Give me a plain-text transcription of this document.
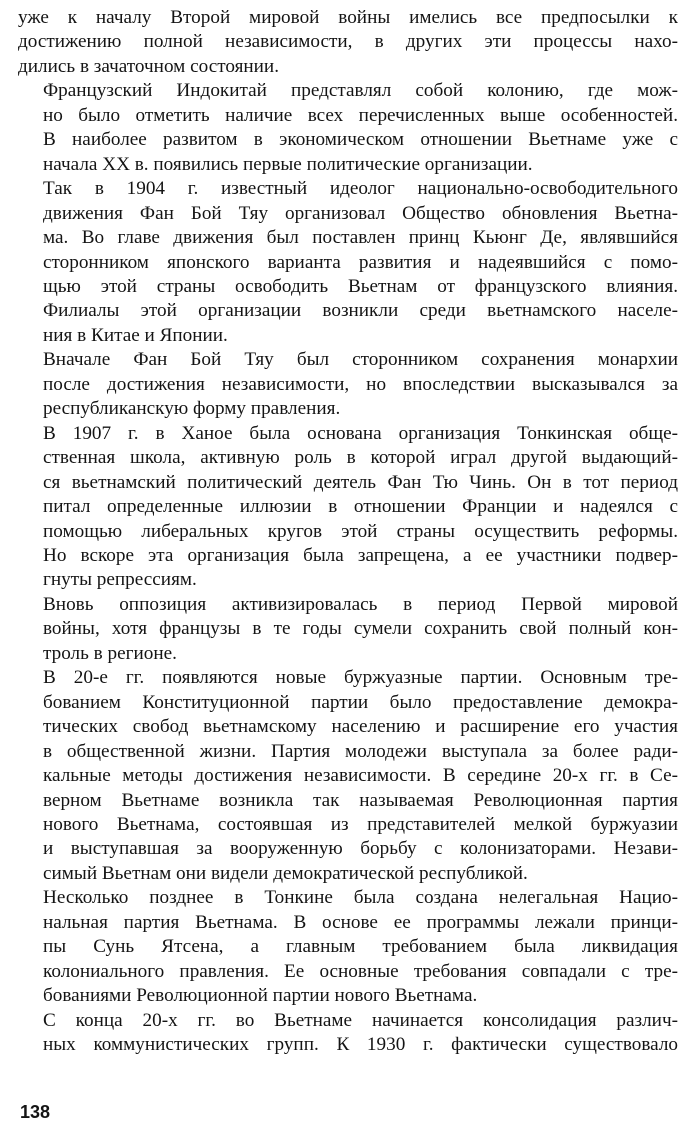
уже к началу Второй мировой войны имелись все предпосылки к
достижению полной независимости, в других эти процессы нахо-
дились в зачаточном состоянии.

Французский Индокитай представлял собой колонию, где мож-
но было отметить наличие всех перечисленных выше особенностей.
В наиболее развитом в экономическом отношении Вьетнаме уже с
начала XX в. появились первые политические организации.

Так в 1904 г. известный идеолог национально-освободительного
движения Фан Бой Тяу организовал Общество обновления Вьетна-
ма. Во главе движения был поставлен принц Кьюнг Де, являвшийся
сторонником японского варианта развития и надеявшийся с помо-
щью этой страны освободить Вьетнам от французского влияния.
Филиалы этой организации возникли среди вьетнамского населе-
ния в Китае и Японии.

Вначале Фан Бой Тяу был сторонником сохранения монархии
после достижения независимости, но впоследствии высказывался за
республиканскую форму правления.

В 1907 г. в Ханое была основана организация Тонкинская обще-
ственная школа, активную роль в которой играл другой выдающий-
ся вьетнамский политический деятель Фан Тю Чинь. Он в тот период
питал определенные иллюзии в отношении Франции и надеялся с
помощью либеральных кругов этой страны осуществить реформы.
Но вскоре эта организация была запрещена, а ее участники подвер-
гнуты репрессиям.

Вновь оппозиция активизировалась в период Первой мировой
войны, хотя французы в те годы сумели сохранить свой полный кон-
троль в регионе.

В 20-е гг. появляются новые буржуазные партии. Основным тре-
бованием Конституционной партии было предоставление демокра-
тических свобод вьетнамскому населению и расширение его участия
в общественной жизни. Партия молодежи выступала за более ради-
кальные методы достижения независимости. В середине 20-х гг. в Се-
верном Вьетнаме возникла так называемая Революционная партия
нового Вьетнама, состоявшая из представителей мелкой буржуазии
и выступавшая за вооруженную борьбу с колонизаторами. Незави-
симый Вьетнам они видели демократической республикой.

Несколько позднее в Тонкине была создана нелегальная Нацио-
нальная партия Вьетнама. В основе ее программы лежали принци-
пы Сунь Ятсена, а главным требованием была ликвидация
колониального правления. Ее основные требования совпадали с тре-
бованиями Революционной партии нового Вьетнама.

С конца 20-х гг. во Вьетнаме начинается консолидация различ-
ных коммунистических групп. К 1930 г. фактически существовало

138
